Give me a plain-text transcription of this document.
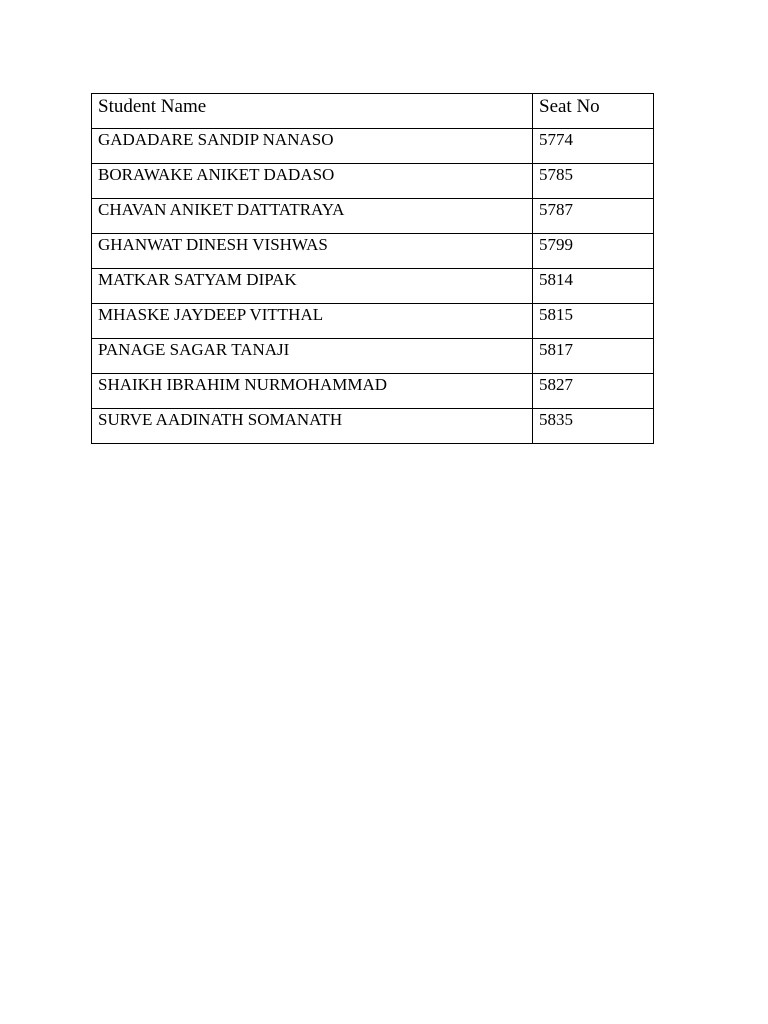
Student Name	Seat No
GADADARE SANDIP NANASO	5774
BORAWAKE ANIKET DADASO	5785
CHAVAN ANIKET DATTATRAYA	5787
GHANWAT DINESH VISHWAS	5799
MATKAR SATYAM DIPAK	5814
MHASKE JAYDEEP VITTHAL	5815
PANAGE SAGAR TANAJI	5817
SHAIKH IBRAHIM NURMOHAMMAD	5827
SURVE AADINATH SOMANATH	5835
